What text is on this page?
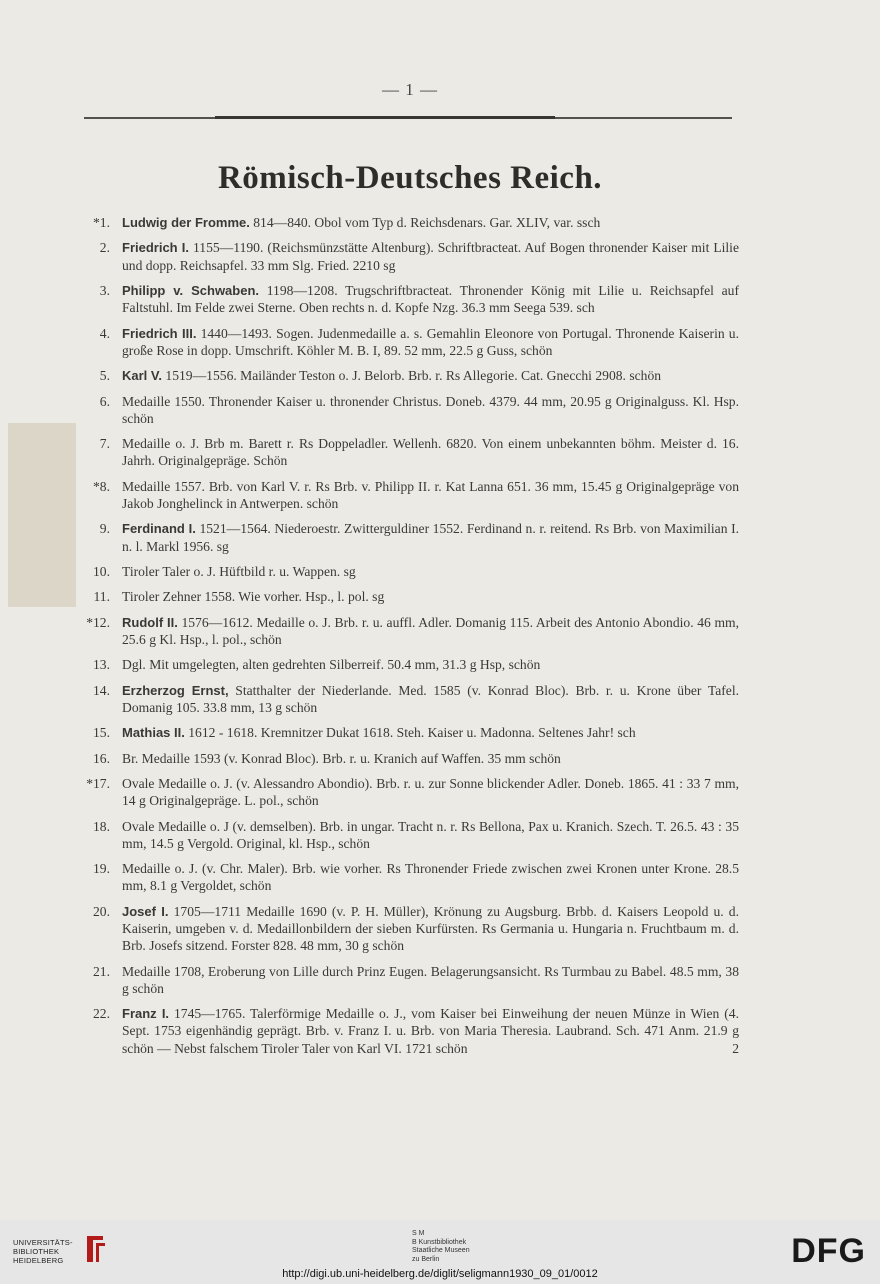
— 1 —
Römisch-Deutsches Reich.
*1. Ludwig der Fromme. 814—840. Obol vom Typ d. Reichsdenars. Gar. XLIV, var. ssch
2. Friedrich I. 1155—1190. (Reichsmünzstätte Altenburg). Schriftbracteat. Auf Bogen thronender Kaiser mit Lilie und dopp. Reichsapfel. 33 mm Slg. Fried. 2210 sg
3. Philipp v. Schwaben. 1198—1208. Trugschriftbracteat. Thronender König mit Lilie u. Reichsapfel auf Faltstuhl. Im Felde zwei Sterne. Oben rechts n. d. Kopfe Nzg. 36.3 mm Seega 539. sch
4. Friedrich III. 1440—1493. Sogen. Judenmedaille a. s. Gemahlin Eleonore von Portugal. Thronende Kaiserin u. große Rose in dopp. Umschrift. Köhler M. B. I, 89. 52 mm, 22.5 g Guss, schön
5. Karl V. 1519—1556. Mailänder Teston o. J. Belorb. Brb. r. Rs Allegorie. Cat. Gnecchi 2908. schön
6. Medaille 1550. Thronender Kaiser u. thronender Christus. Doneb. 4379. 44 mm, 20.95 g Originalguss. Kl. Hsp. schön
7. Medaille o. J. Brb m. Barett r. Rs Doppeladler. Wellenh. 6820. Von einem unbekannten böhm. Meister d. 16. Jahrh. Originalgepräge. Schön
*8. Medaille 1557. Brb. von Karl V. r. Rs Brb. v. Philipp II. r. Kat Lanna 651. 36 mm, 15.45 g Originalgepräge von Jakob Jonghelinck in Antwerpen. schön
9. Ferdinand I. 1521—1564. Niederoestr. Zwitterguldiner 1552. Ferdinand n. r. reitend. Rs Brb. von Maximilian I. n. l. Markl 1956. sg
10. Tiroler Taler o. J. Hüftbild r. u. Wappen. sg
11. Tiroler Zehner 1558. Wie vorher. Hsp., l. pol. sg
*12. Rudolf II. 1576—1612. Medaille o. J. Brb. r. u. auffl. Adler. Domanig 115. Arbeit des Antonio Abondio. 46 mm, 25.6 g Kl. Hsp., l. pol., schön
13. Dgl. Mit umgelegten, alten gedrehten Silberreif. 50.4 mm, 31.3 g Hsp, schön
14. Erzherzog Ernst, Statthalter der Niederlande. Med. 1585 (v. Konrad Bloc). Brb. r. u. Krone über Tafel. Domanig 105. 33.8 mm, 13 g schön
15. Mathias II. 1612 - 1618. Kremnitzer Dukat 1618. Steh. Kaiser u. Madonna. Seltenes Jahr! sch
16. Br. Medaille 1593 (v. Konrad Bloc). Brb. r. u. Kranich auf Waffen. 35 mm schön
*17. Ovale Medaille o. J. (v. Alessandro Abondio). Brb. r. u. zur Sonne blickender Adler. Doneb. 1865. 41 : 33 7 mm, 14 g Originalgepräge. L. pol., schön
18. Ovale Medaille o. J (v. demselben). Brb. in ungar. Tracht n. r. Rs Bellona, Pax u. Kranich. Szech. T. 26.5. 43 : 35 mm, 14.5 g Vergold. Original, kl. Hsp., schön
19. Medaille o. J. (v. Chr. Maler). Brb. wie vorher. Rs Thronender Friede zwischen zwei Kronen unter Krone. 28.5 mm, 8.1 g Vergoldet, schön
20. Josef I. 1705—1711 Medaille 1690 (v. P. H. Müller), Krönung zu Augsburg. Brbb. d. Kaisers Leopold u. d. Kaiserin, umgeben v. d. Medaillonbildern der sieben Kurfürsten. Rs Germania u. Hungaria n. Fruchtbaum m. d. Brb. Josefs sitzend. Forster 828. 48 mm, 30 g schön
21. Medaille 1708, Eroberung von Lille durch Prinz Eugen. Belagerungsansicht. Rs Turmbau zu Babel. 48.5 mm, 38 g schön
22. Franz I. 1745—1765. Talerförmige Medaille o. J., vom Kaiser bei Einweihung der neuen Münze in Wien (4. Sept. 1753 eigenhändig geprägt. Brb. v. Franz I. u. Brb. von Maria Theresia. Laubrand. Sch. 471 Anm. 21.9 g schön — Nebst falschem Tiroler Taler von Karl VI. 1721 schön	2
UNIVERSITÄTS-
BIBLIOTHEK
HEIDELBERG
S M
B Kunstbibliothek
Staatliche Museen
zu Berlin	DFG
http://digi.ub.uni-heidelberg.de/diglit/seligmann1930_09_01/0012
